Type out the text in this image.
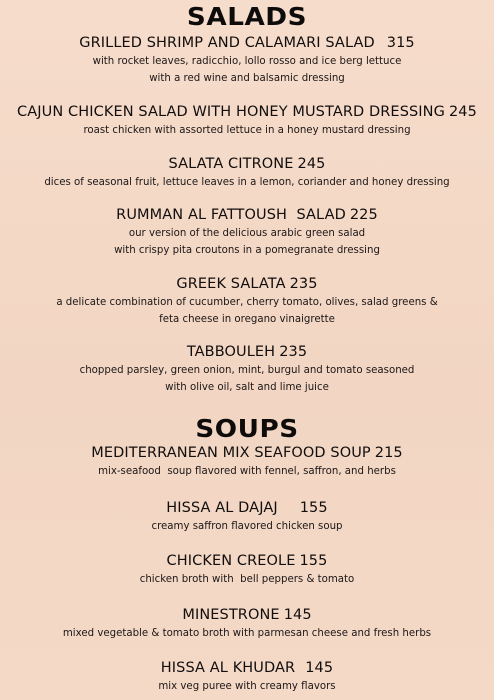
SALADS
GRILLED SHRIMP AND CALAMARI SALAD 315
with rocket leaves, radicchio, lollo rosso and ice berg lettuce
with a red wine and balsamic dressing
CAJUN CHICKEN SALAD WITH HONEY MUSTARD DRESSING 245
roast chicken with assorted lettuce in a honey mustard dressing
SALATA CITRONE 245
dices of seasonal fruit, lettuce leaves in a lemon, coriander and honey dressing
RUMMAN AL FATTOUSH  SALAD 225
our version of the delicious arabic green salad
with crispy pita croutons in a pomegranate dressing
GREEK SALATA 235
a delicate combination of cucumber, cherry tomato, olives, salad greens &
feta cheese in oregano vinaigrette
TABBOULEH 235
chopped parsley, green onion, mint, burgul and tomato seasoned
with olive oil, salt and lime juice
SOUPS
MEDITERRANEAN MIX SEAFOOD SOUP 215
mix-seafood  soup flavored with fennel, saffron, and herbs
HISSA AL DAJAJ 155
creamy saffron flavored chicken soup
CHICKEN CREOLE 155
chicken broth with  bell peppers & tomato
MINESTRONE 145
mixed vegetable & tomato broth with parmesan cheese and fresh herbs
HISSA AL KHUDAR 145
mix veg puree with creamy flavors
